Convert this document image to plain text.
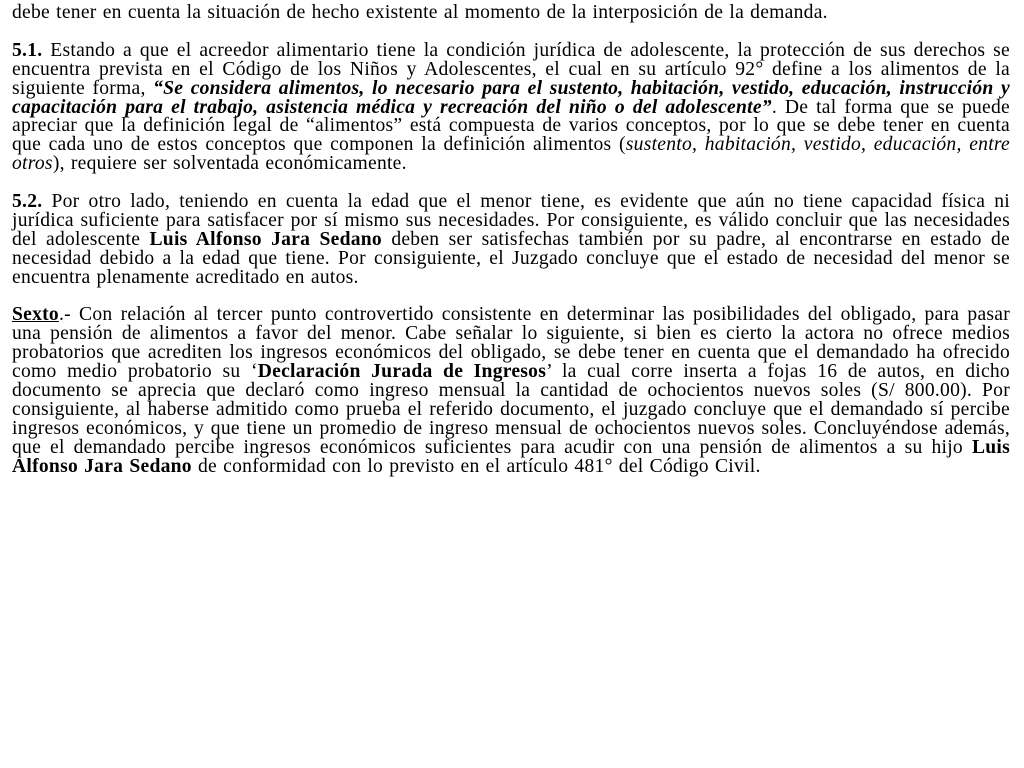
debe tener en cuenta la situación de hecho existente al momento de la interposición de la demanda.

5.1. Estando a que el acreedor alimentario tiene la condición jurídica de adolescente, la protección de sus derechos se encuentra prevista en el Código de los Niños y Adolescentes, el cual en su artículo 92° define a los alimentos de la siguiente forma, “Se considera alimentos, lo necesario para el sustento, habitación, vestido, educación, instrucción y capacitación para el trabajo, asistencia médica y recreación del niño o del adolescente”. De tal forma que se puede apreciar que la definición legal de “alimentos” está compuesta de varios conceptos, por lo que se debe tener en cuenta que cada uno de estos conceptos que componen la definición alimentos (sustento, habitación, vestido, educación, entre otros), requiere ser solventada económicamente.

5.2. Por otro lado, teniendo en cuenta la edad que el menor tiene, es evidente que aún no tiene capacidad física ni jurídica suficiente para satisfacer por sí mismo sus necesidades. Por consiguiente, es válido concluir que las necesidades del adolescente Luis Alfonso Jara Sedano deben ser satisfechas también por su padre, al encontrarse en estado de necesidad debido a la edad que tiene. Por consiguiente, el Juzgado concluye que el estado de necesidad del menor se encuentra plenamente acreditado en autos.

Sexto.- Con relación al tercer punto controvertido consistente en determinar las posibilidades del obligado, para pasar una pensión de alimentos a favor del menor. Cabe señalar lo siguiente, si bien es cierto la actora no ofrece medios probatorios que acrediten los ingresos económicos del obligado, se debe tener en cuenta que el demandado ha ofrecido como medio probatorio su ‘Declaración Jurada de Ingresos’ la cual corre inserta a fojas 16 de autos, en dicho documento se aprecia que declaró como ingreso mensual la cantidad de ochocientos nuevos soles (S/ 800.00). Por consiguiente, al haberse admitido como prueba el referido documento, el juzgado concluye que el demandado sí percibe ingresos económicos, y que tiene un promedio de ingreso mensual de ochocientos nuevos soles. Concluyéndose además, que el demandado percibe ingresos económicos suficientes para acudir con una pensión de alimentos a su hijo Luis Alfonso Jara Sedano de conformidad con lo previsto en el artículo 481° del Código Civil.
